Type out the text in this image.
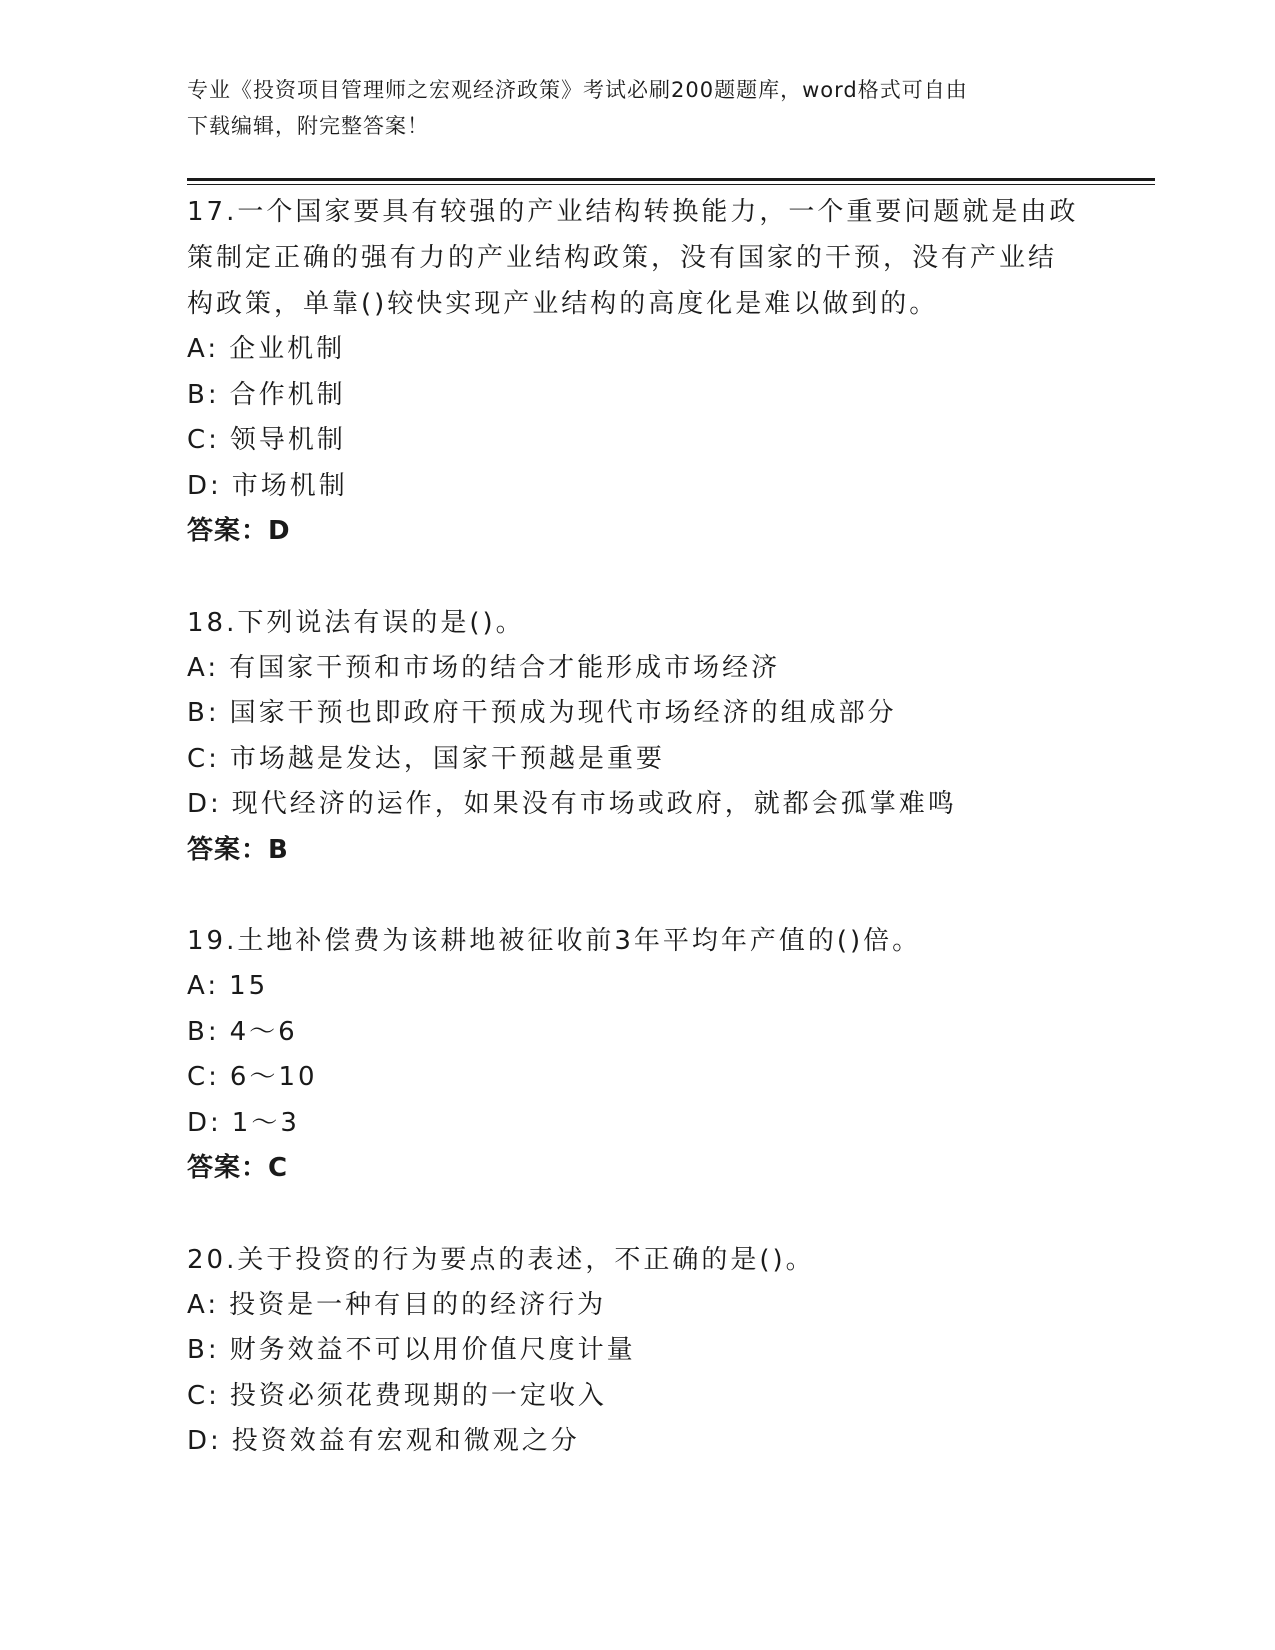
专业《投资项目管理师之宏观经济政策》考试必刷200题题库，word格式可自由
下载编辑，附完整答案！
17.一个国家要具有较强的产业结构转换能力，一个重要问题就是由政
策制定正确的强有力的产业结构政策，没有国家的干预，没有产业结
构政策，单靠()较快实现产业结构的高度化是难以做到的。
A: 企业机制
B: 合作机制
C: 领导机制
D: 市场机制
答案：D
18.下列说法有误的是()。
A: 有国家干预和市场的结合才能形成市场经济
B: 国家干预也即政府干预成为现代市场经济的组成部分
C: 市场越是发达，国家干预越是重要
D: 现代经济的运作，如果没有市场或政府，就都会孤掌难鸣
答案：B
19.土地补偿费为该耕地被征收前3年平均年产值的()倍。
A: 15
B: 4～6
C: 6～10
D: 1～3
答案：C
20.关于投资的行为要点的表述，不正确的是()。
A: 投资是一种有目的的经济行为
B: 财务效益不可以用价值尺度计量
C: 投资必须花费现期的一定收入
D: 投资效益有宏观和微观之分
